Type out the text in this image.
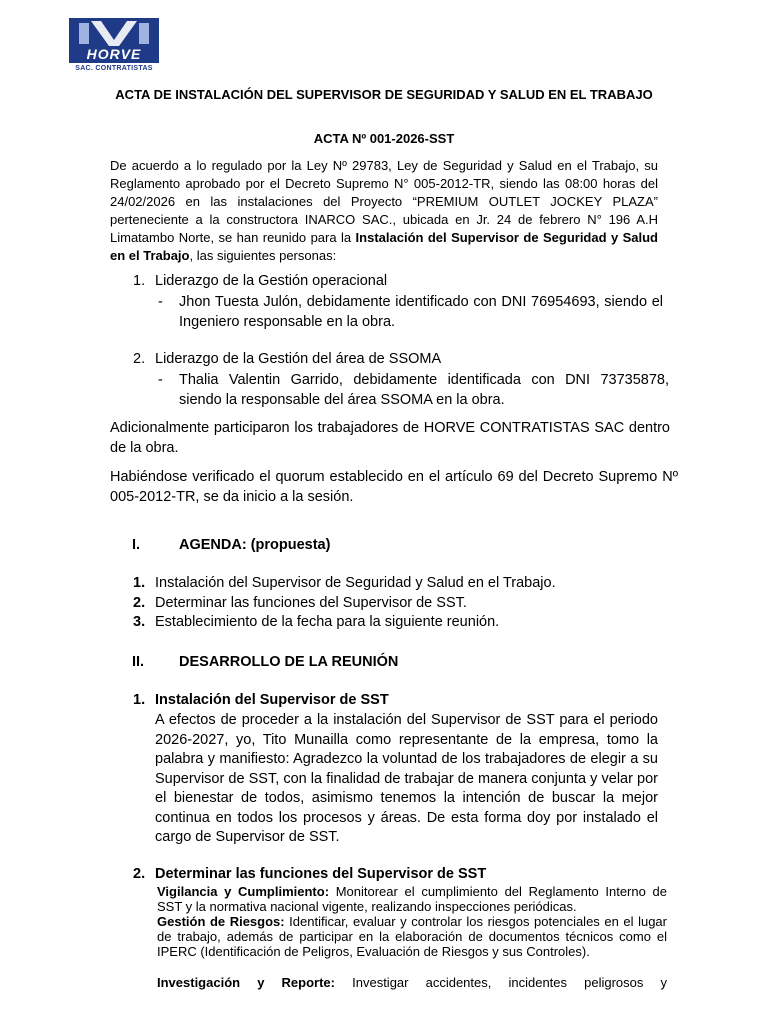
HORVE
SAC. CONTRATISTAS
ACTA DE INSTALACIÓN DEL SUPERVISOR DE SEGURIDAD Y SALUD EN EL TRABAJO
ACTA Nº 001-2026-SST
De acuerdo a lo regulado por la Ley Nº 29783, Ley de Seguridad y Salud en el Trabajo, su Reglamento aprobado por el Decreto Supremo N° 005-2012-TR, siendo las 08:00 horas del 24/02/2026 en las instalaciones del Proyecto “PREMIUM OUTLET JOCKEY PLAZA” perteneciente a la constructora INARCO SAC., ubicada en Jr. 24 de febrero N° 196 A.H Limatambo Norte, se han reunido para la Instalación del Supervisor de Seguridad y Salud en el Trabajo, las siguientes personas:
1. Liderazgo de la Gestión operacional
- Jhon Tuesta Julón, debidamente identificado con DNI 76954693, siendo el Ingeniero responsable en la obra.
2. Liderazgo de la Gestión del área de SSOMA
- Thalia Valentin Garrido, debidamente identificada con DNI 73735878, siendo la responsable del área SSOMA en la obra.
Adicionalmente participaron los trabajadores de HORVE CONTRATISTAS SAC dentro de la obra.
Habiéndose verificado el quorum establecido en el artículo 69 del Decreto Supremo Nº 005-2012-TR, se da inicio a la sesión.
I.	AGENDA: (propuesta)
1. Instalación del Supervisor de Seguridad y Salud en el Trabajo.
2. Determinar las funciones del Supervisor de SST.
3. Establecimiento de la fecha para la siguiente reunión.
II. DESARROLLO DE LA REUNIÓN
1. Instalación del Supervisor de SST
A efectos de proceder a la instalación del Supervisor de SST para el periodo 2026-2027, yo, Tito Munailla como representante de la empresa, tomo la palabra y manifiesto: Agradezco la voluntad de los trabajadores de elegir a su Supervisor de SST, con la finalidad de trabajar de manera conjunta y velar por el bienestar de todos, asimismo tenemos la intención de buscar la mejor continua en todos los procesos y áreas. De esta forma doy por instalado el cargo de Supervisor de SST.
2. Determinar las funciones del Supervisor de SST
Vigilancia y Cumplimiento: Monitorear el cumplimiento del Reglamento Interno de SST y la normativa nacional vigente, realizando inspecciones periódicas.
Gestión de Riesgos: Identificar, evaluar y controlar los riesgos potenciales en el lugar de trabajo, además de participar en la elaboración de documentos técnicos como el IPERC (Identificación de Peligros, Evaluación de Riesgos y sus Controles).
Investigación y Reporte: Investigar accidentes, incidentes peligrosos y
